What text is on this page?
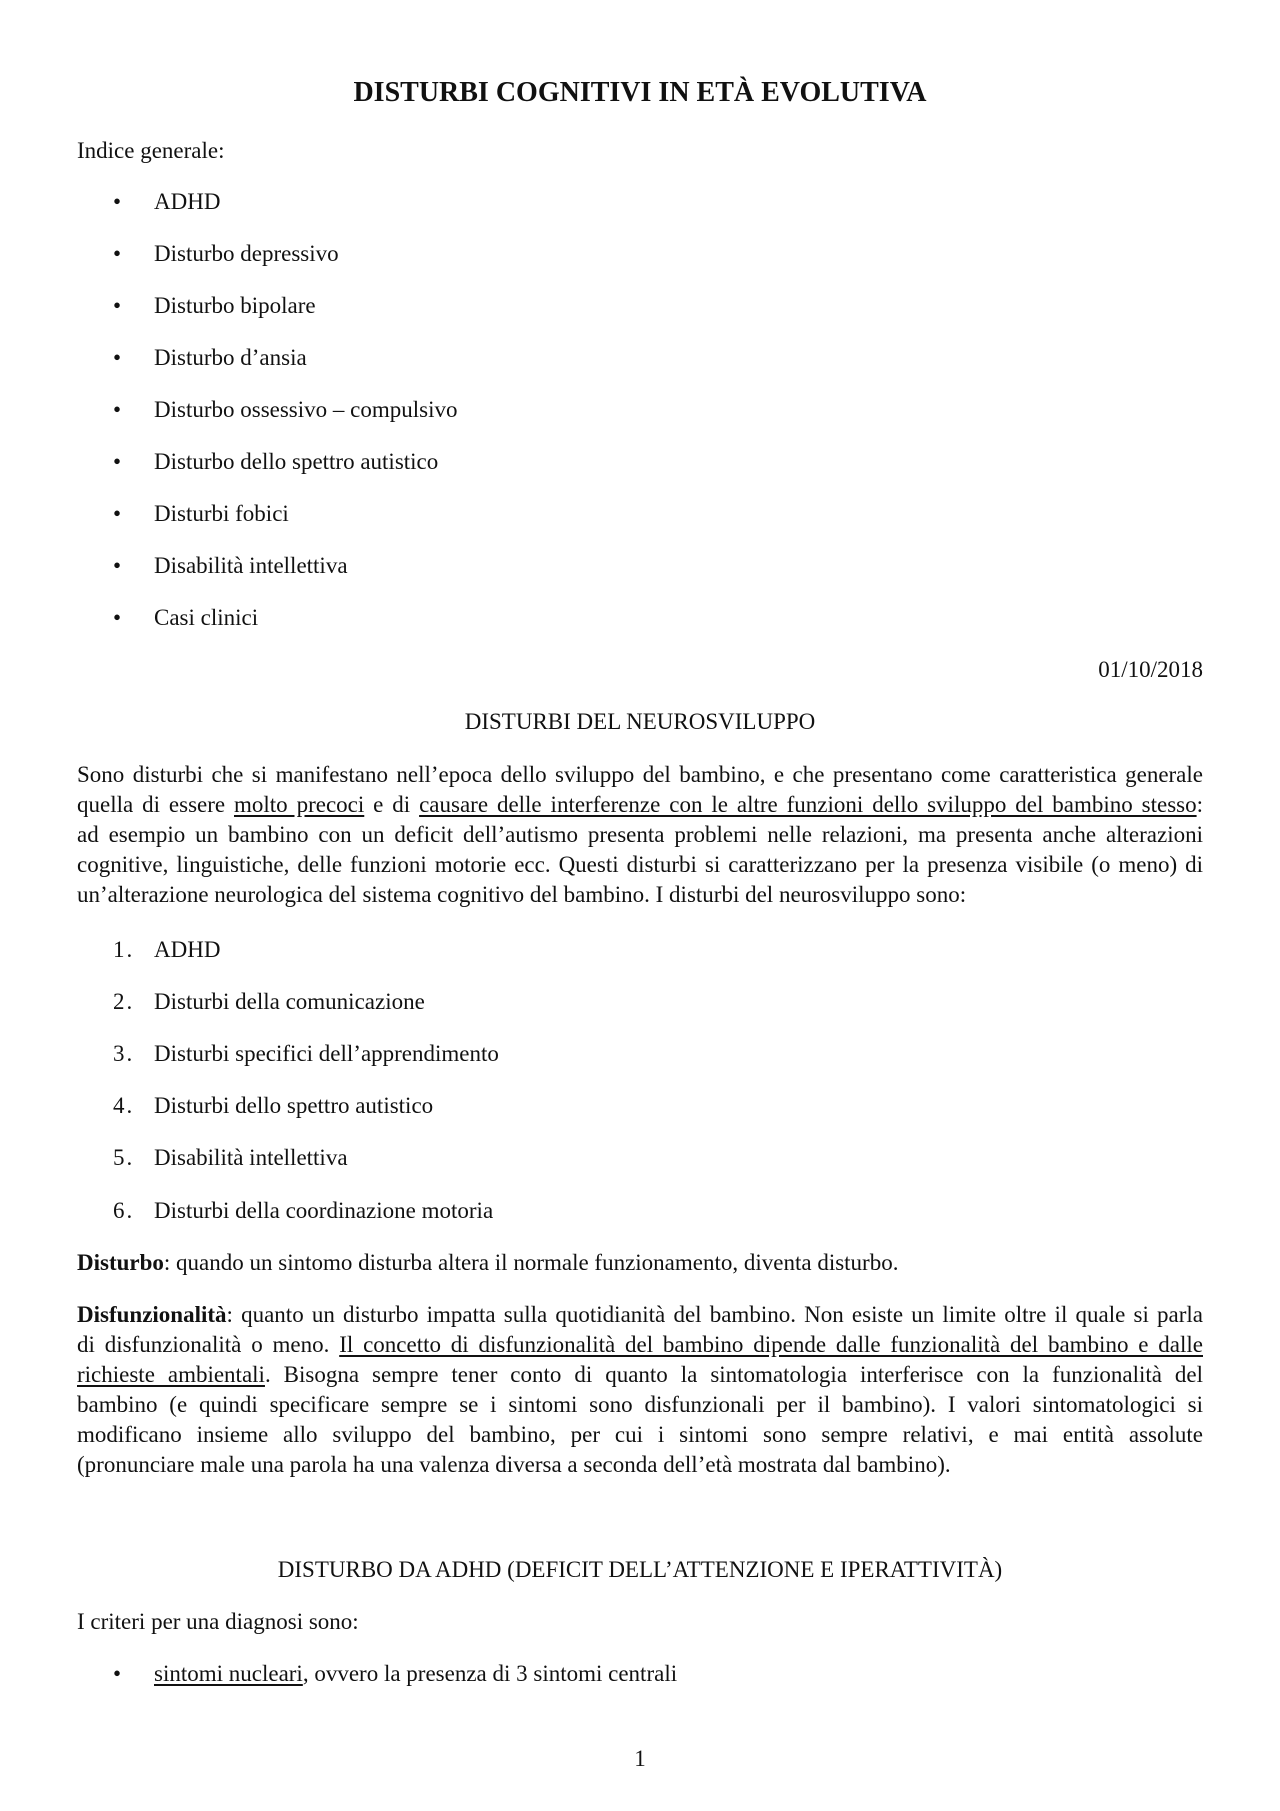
DISTURBI COGNITIVI IN ETÀ EVOLUTIVA
Indice generale:
•	ADHD
•	Disturbo depressivo
•	Disturbo bipolare
•	Disturbo d’ansia
•	Disturbo ossessivo – compulsivo
•	Disturbo dello spettro autistico
•	Disturbi fobici
•	Disabilità intellettiva
•	Casi clinici
01/10/2018
DISTURBI DEL NEUROSVILUPPO
Sono disturbi che si manifestano nell’epoca dello sviluppo del bambino, e che presentano come caratteristica generale
quella di essere molto precoci e di causare delle interferenze con le altre funzioni dello sviluppo del bambino stesso:
ad esempio un bambino con un deficit dell’autismo presenta problemi nelle relazioni, ma presenta anche alterazioni
cognitive, linguistiche, delle funzioni motorie ecc. Questi disturbi si caratterizzano per la presenza visibile (o meno) di
un’alterazione neurologica del sistema cognitivo del bambino. I disturbi del neurosviluppo sono:
1. ADHD
2. Disturbi della comunicazione
3. Disturbi specifici dell’apprendimento
4. Disturbi dello spettro autistico
5. Disabilità intellettiva
6. Disturbi della coordinazione motoria
Disturbo: quando un sintomo disturba altera il normale funzionamento, diventa disturbo.
Disfunzionalità: quanto un disturbo impatta sulla quotidianità del bambino. Non esiste un limite oltre il quale si parla
di disfunzionalità o meno. Il concetto di disfunzionalità del bambino dipende dalle funzionalità del bambino e dalle
richieste ambientali. Bisogna sempre tener conto di quanto la sintomatologia interferisce con la funzionalità del
bambino (e quindi specificare sempre se i sintomi sono disfunzionali per il bambino). I valori sintomatologici si
modificano insieme allo sviluppo del bambino, per cui i sintomi sono sempre relativi, e mai entità assolute
(pronunciare male una parola ha una valenza diversa a seconda dell’età mostrata dal bambino).
DISTURBO DA ADHD (DEFICIT DELL’ATTENZIONE E IPERATTIVITÀ)
I criteri per una diagnosi sono:
•	sintomi nucleari, ovvero la presenza di 3 sintomi centrali
1
